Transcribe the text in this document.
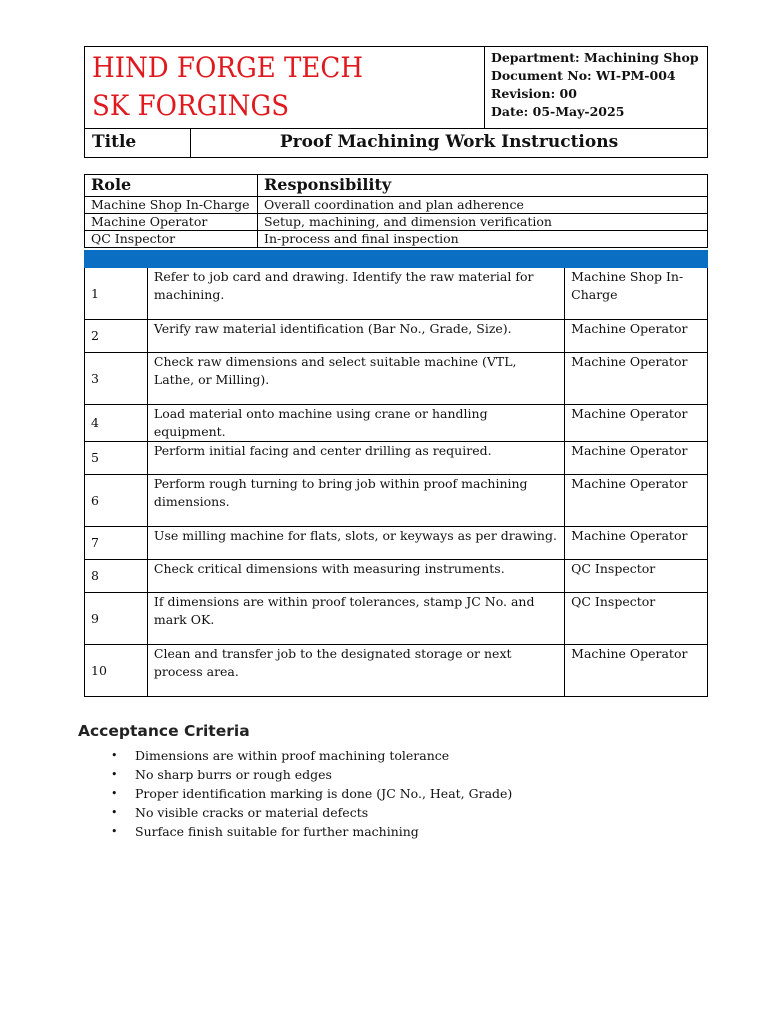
HIND FORGE TECH
SK FORGINGS
Department: Machining Shop
Document No: WI-PM-004
Revision: 00
Date: 05-May-2025
Title	Proof Machining Work Instructions
Role	Responsibility
Machine Shop In-Charge	Overall coordination and plan adherence
Machine Operator	Setup, machining, and dimension verification
QC Inspector	In-process and final inspection

1	Refer to job card and drawing. Identify the raw material for machining.	Machine Shop In-Charge
2	Verify raw material identification (Bar No., Grade, Size).	Machine Operator
3	Check raw dimensions and select suitable machine (VTL, Lathe, or Milling).	Machine Operator
4	Load material onto machine using crane or handling equipment.	Machine Operator
5	Perform initial facing and center drilling as required.	Machine Operator
6	Perform rough turning to bring job within proof machining dimensions.	Machine Operator
7	Use milling machine for flats, slots, or keyways as per drawing.	Machine Operator
8	Check critical dimensions with measuring instruments.	QC Inspector
9	If dimensions are within proof tolerances, stamp JC No. and mark OK.	QC Inspector
10	Clean and transfer job to the designated storage or next process area.	Machine Operator
Acceptance Criteria
• Dimensions are within proof machining tolerance
• No sharp burrs or rough edges
• Proper identification marking is done (JC No., Heat, Grade)
• No visible cracks or material defects
• Surface finish suitable for further machining
